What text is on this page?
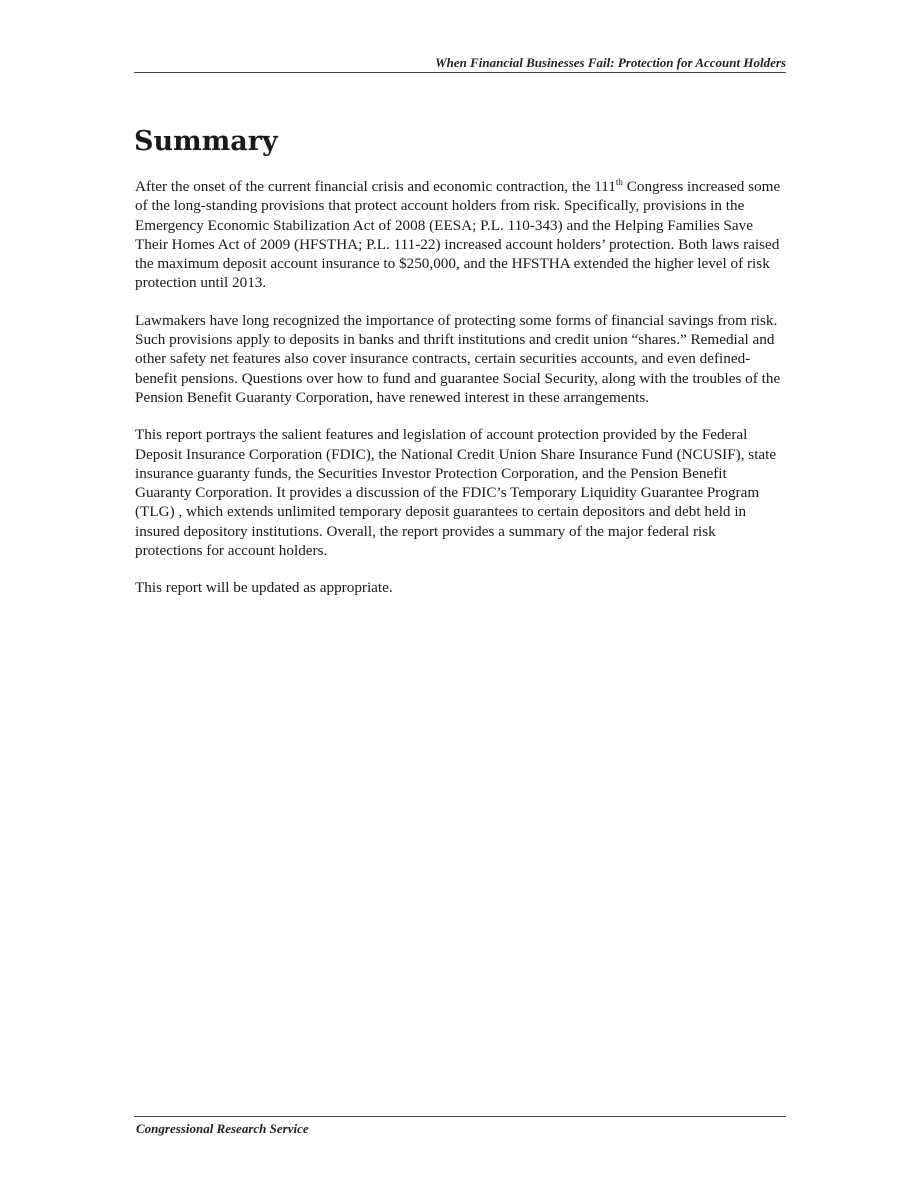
When Financial Businesses Fail: Protection for Account Holders
Summary

After the onset of the current financial crisis and economic contraction, the 111th Congress increased some of the long-standing provisions that protect account holders from risk. Specifically, provisions in the Emergency Economic Stabilization Act of 2008 (EESA; P.L. 110-343) and the Helping Families Save Their Homes Act of 2009 (HFSTHA; P.L. 111-22) increased account holders’ protection. Both laws raised the maximum deposit account insurance to $250,000, and the HFSTHA extended the higher level of risk protection until 2013.

Lawmakers have long recognized the importance of protecting some forms of financial savings from risk. Such provisions apply to deposits in banks and thrift institutions and credit union “shares.” Remedial and other safety net features also cover insurance contracts, certain securities accounts, and even defined-benefit pensions. Questions over how to fund and guarantee Social Security, along with the troubles of the Pension Benefit Guaranty Corporation, have renewed interest in these arrangements.

This report portrays the salient features and legislation of account protection provided by the Federal Deposit Insurance Corporation (FDIC), the National Credit Union Share Insurance Fund (NCUSIF), state insurance guaranty funds, the Securities Investor Protection Corporation, and the Pension Benefit Guaranty Corporation. It provides a discussion of the FDIC’s Temporary Liquidity Guarantee Program (TLG) , which extends unlimited temporary deposit guarantees to certain depositors and debt held in insured depository institutions. Overall, the report provides a summary of the major federal risk protections for account holders.

This report will be updated as appropriate.

Congressional Research Service
